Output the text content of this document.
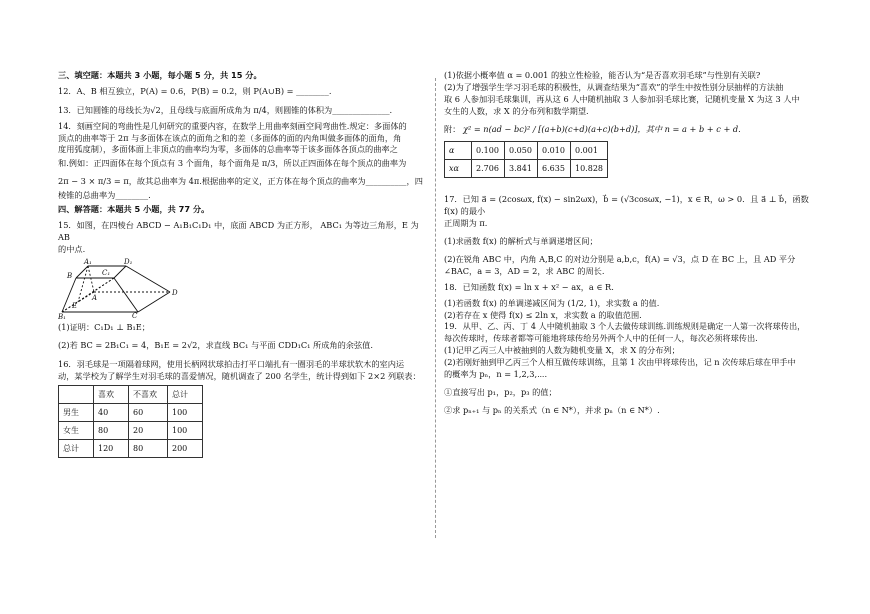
三、填空题：本题共 3 小题，每小题 5 分，共 15 分。

12．A、B 相互独立，P(A) = 0.6，P(B) = 0.2，则 P(A∪B) = ________.

13．已知圆锥的母线长为√2，且母线与底面所成角为 π/4，则圆锥的体积为______________.

14．刻画空间的弯曲性是几何研究的重要内容，在数学上用曲率刻画空间弯曲性.规定：多面体的

顶点的曲率等于 2π 与多面体在该点的面角之和的差（多面体的面的内角叫做多面体的面角，角

度用弧度制），多面体面上非顶点的曲率均为零，多面体的总曲率等于该多面体各顶点的曲率之

和.例如：正四面体在每个顶点有 3 个面角，每个面角是 π/3，所以正四面体在每个顶点的曲率为

2π − 3 × π/3 = π，故其总曲率为 4π.根据曲率的定义，正方体在每个顶点的曲率为__________，四

棱锥的总曲率为________.

四、解答题：本题共 5 小题，共 77 分。

15．如图，在四棱台 ABCD − A₁B₁C₁D₁ 中，底面 ABCD 为正方形， ABC₁ 为等边三角形，E 为 AB

的中点.

A₁	D₁
B	C₁
C
D
A
E
B₁

(1)证明：C₁D₁ ⊥ B₁E；

(2)若 BC = 2B₁C₁ = 4，B₁E = 2√2，求直线 BC₁ 与平面 CDD₁C₁ 所成角的余弦值.

16．羽毛球是一项隔着球网，使用长柄网状球拍击打平口端扎有一圈羽毛的半球状软木的室内运

动，某学校为了解学生对羽毛球的喜爱情况，随机调查了 200 名学生，统计得到如下 2×2 列联表：

	喜欢	不喜欢	总计
男生	40	60	100
女生	80	20	100
总计	120	80	200

(1)依据小概率值 α = 0.001 的独立性检验，能否认为“是否喜欢羽毛球”与性别有关联?

(2)为了增强学生学习羽毛球的积极性，从调查结果为“喜欢”的学生中按性别分层抽样的方法抽

取 6 人参加羽毛球集训，再从这 6 人中随机抽取 3 人参加羽毛球比赛，记随机变量 X 为这 3 人中

女生的人数，求 X 的分布列和数学期望.

附： χ² = n(ad − bc)² / [(a+b)(c+d)(a+c)(b+d)]，其中 n = a + b + c + d.

α	0.100	0.050	0.010	0.001
xα	2.706	3.841	6.635	10.828

17．已知 a⃗ = (2cosωx, f(x) − sin2ωx)，b⃗ = (√3cosωx, −1)，x ∈ R，ω > 0．且 a⃗ ⊥ b⃗，函数 f(x) 的最小

正周期为 π.

(1)求函数 f(x) 的解析式与单调递增区间；

(2)在锐角 ABC 中，内角 A,B,C 的对边分别是 a,b,c，f(A) = √3，点 D 在 BC 上，且 AD 平分

∠BAC，a = 3，AD = 2，求 ABC 的周长.

18．已知函数 f(x) = ln x + x² − ax，a ∈ R.

(1)若函数 f(x) 的单调递减区间为 (1/2, 1)，求实数 a 的值.

(2)若存在 x 使得 f(x) ≤ 2ln x，求实数 a 的取值范围.

19．从甲、乙、丙、丁 4 人中随机抽取 3 个人去做传球训练.训练规则是确定一人第一次将球传出，

每次传球时，传球者都等可能地将球传给另外两个人中的任何一人，每次必须将球传出.

(1)记甲乙丙三人中被抽到的人数为随机变量 X，求 X 的分布列；

(2)若刚好抽到甲乙丙三个人相互做传球训练，且第 1 次由甲将球传出，记 n 次传球后球在甲手中

的概率为 pₙ，n = 1,2,3,⋯.

①直接写出 p₁，p₂，p₃ 的值；

②求 pₙ₊₁ 与 pₙ 的关系式（n ∈ N*），并求 pₙ（n ∈ N*）.
